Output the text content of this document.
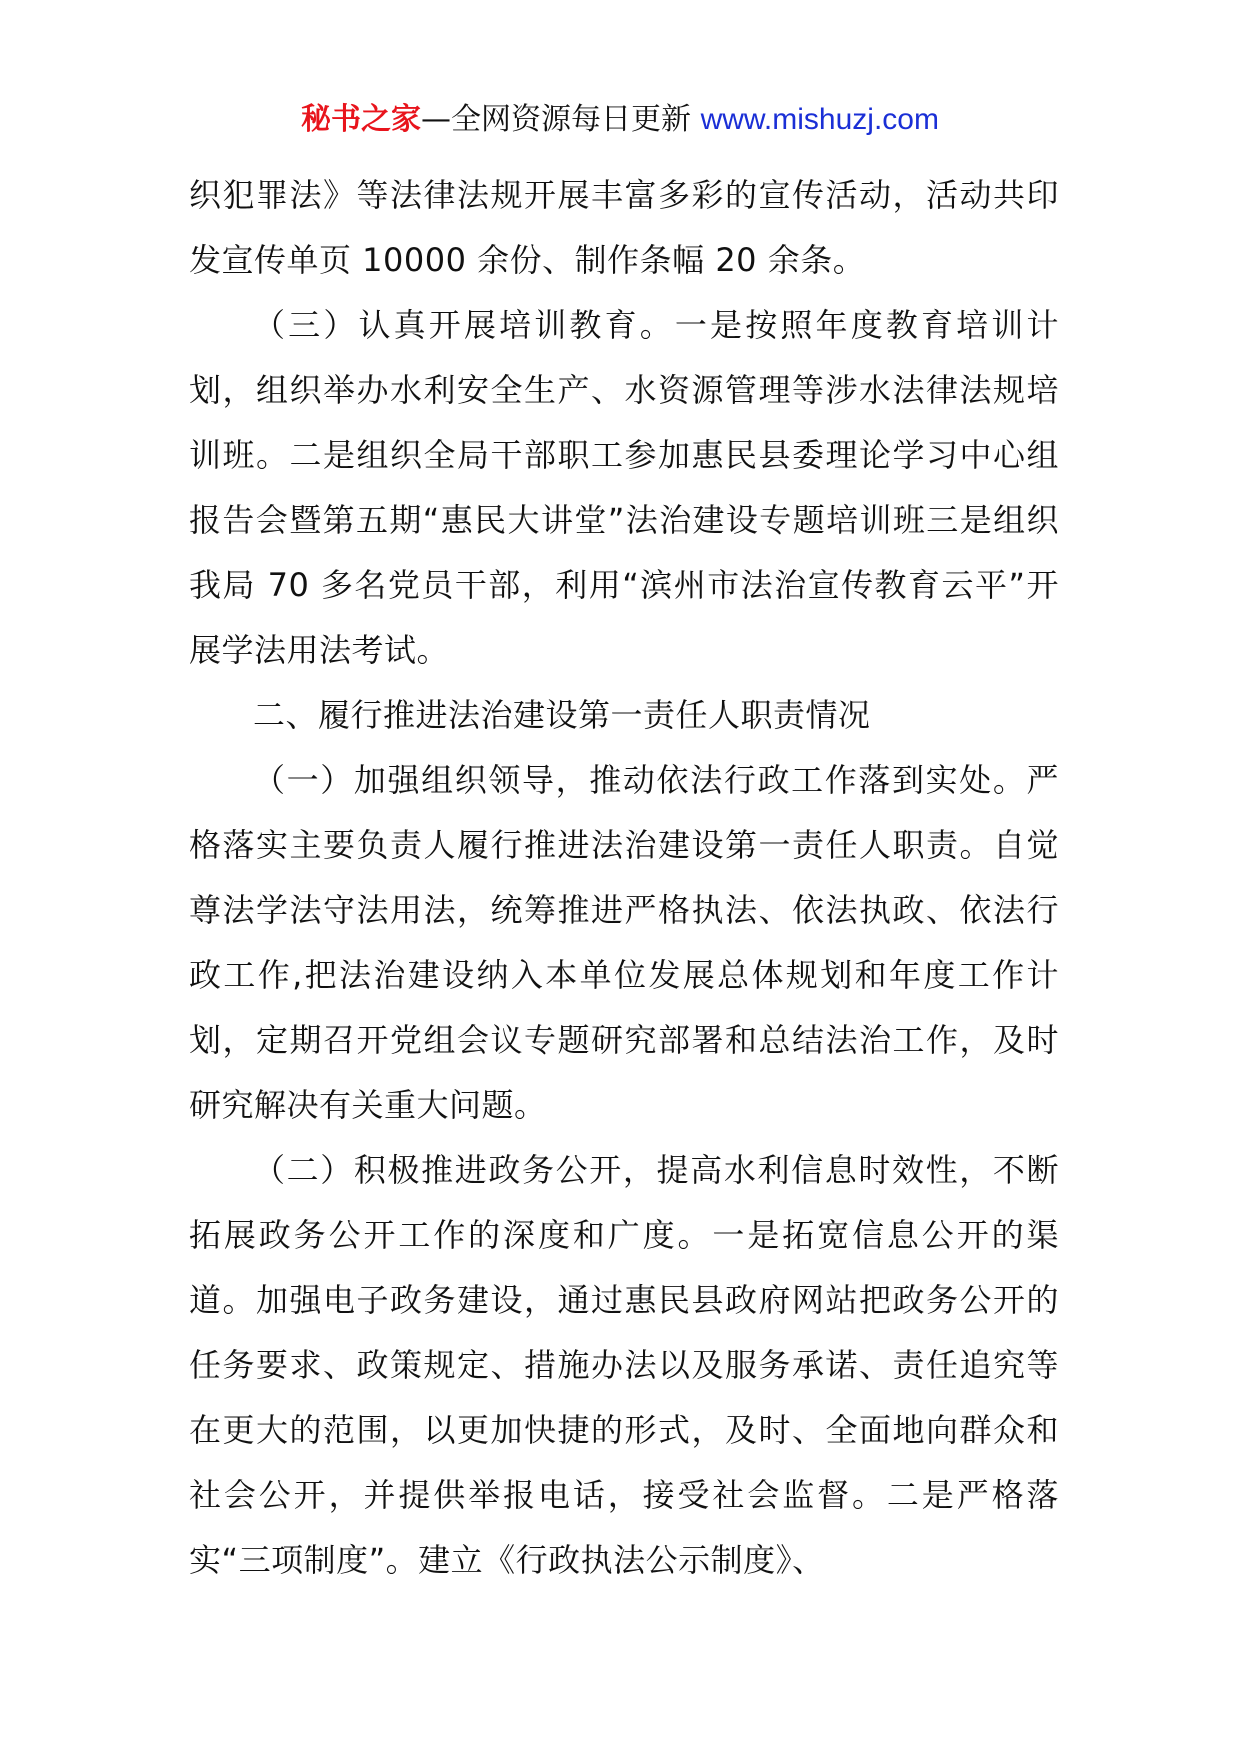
秘书之家—全网资源每日更新 www.mishuzj.com

织犯罪法》等法律法规开展丰富多彩的宣传活动，活动共印发宣传单页 10000 余份、制作条幅 20 余条。

（三）认真开展培训教育。一是按照年度教育培训计划，组织举办水利安全生产、水资源管理等涉水法律法规培训班。二是组织全局干部职工参加惠民县委理论学习中心组报告会暨第五期“惠民大讲堂”法治建设专题培训班三是组织我局 70 多名党员干部，利用“滨州市法治宣传教育云平”开展学法用法考试。

二、履行推进法治建设第一责任人职责情况

（一）加强组织领导，推动依法行政工作落到实处。严格落实主要负责人履行推进法治建设第一责任人职责。自觉尊法学法守法用法，统筹推进严格执法、依法执政、依法行政工作,把法治建设纳入本单位发展总体规划和年度工作计划，定期召开党组会议专题研究部署和总结法治工作，及时研究解决有关重大问题。

（二）积极推进政务公开，提高水利信息时效性，不断拓展政务公开工作的深度和广度。一是拓宽信息公开的渠道。加强电子政务建设，通过惠民县政府网站把政务公开的任务要求、政策规定、措施办法以及服务承诺、责任追究等在更大的范围，以更加快捷的形式，及时、全面地向群众和社会公开，并提供举报电话，接受社会监督。二是严格落实“三项制度”。建立《行政执法公示制度》、
